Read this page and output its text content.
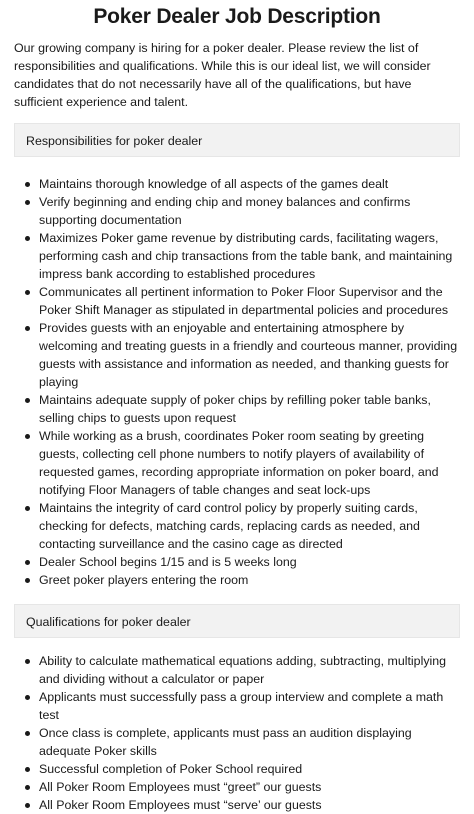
Poker Dealer Job Description

Our growing company is hiring for a poker dealer. Please review the list of responsibilities and qualifications. While this is our ideal list, we will consider candidates that do not necessarily have all of the qualifications, but have sufficient experience and talent.

Responsibilities for poker dealer
Maintains thorough knowledge of all aspects of the games dealt
Verify beginning and ending chip and money balances and confirms supporting documentation
Maximizes Poker game revenue by distributing cards, facilitating wagers, performing cash and chip transactions from the table bank, and maintaining impress bank according to established procedures
Communicates all pertinent information to Poker Floor Supervisor and the Poker Shift Manager as stipulated in departmental policies and procedures
Provides guests with an enjoyable and entertaining atmosphere by welcoming and treating guests in a friendly and courteous manner, providing guests with assistance and information as needed, and thanking guests for playing
Maintains adequate supply of poker chips by refilling poker table banks, selling chips to guests upon request
While working as a brush, coordinates Poker room seating by greeting guests, collecting cell phone numbers to notify players of availability of requested games, recording appropriate information on poker board, and notifying Floor Managers of table changes and seat lock-ups
Maintains the integrity of card control policy by properly suiting cards, checking for defects, matching cards, replacing cards as needed, and contacting surveillance and the casino cage as directed
Dealer School begins 1/15 and is 5 weeks long
Greet poker players entering the room
Qualifications for poker dealer
Ability to calculate mathematical equations adding, subtracting, multiplying and dividing without a calculator or paper
Applicants must successfully pass a group interview and complete a math test
Once class is complete, applicants must pass an audition displaying adequate Poker skills
Successful completion of Poker School required
All Poker Room Employees must “greet” our guests
All Poker Room Employees must “serve’ our guests
